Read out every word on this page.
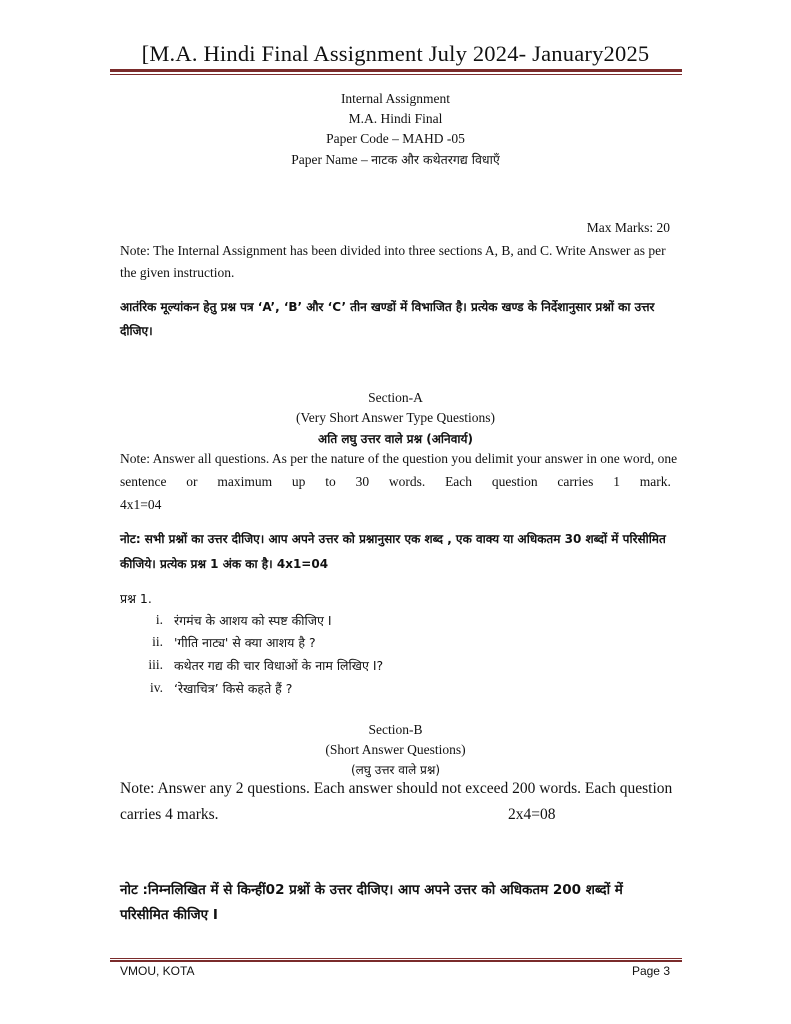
[M.A. Hindi Final Assignment July 2024- January2025
Internal Assignment
M.A. Hindi Final
Paper Code – MAHD -05
Paper Name – नाटक और कथेतरगद्य विधाएँ
Max Marks: 20
Note: The Internal Assignment has been divided into three sections A, B, and C. Write Answer as per
the given instruction.
आतंरिक मूल्यांकन हेतु प्रश्न पत्र ‘A’, ‘B’ और ‘C’ तीन खण्डों में विभाजित है। प्रत्येक खण्ड के निर्देशानुसार प्रश्नों का उत्तर
दीजिए।
Section-A
(Very Short Answer Type Questions)
अति लघु उत्तर वाले प्रश्न (अनिवार्य)
Note: Answer all questions. As per the nature of the question you delimit your answer in one word, one
sentence or maximum up to 30 words. Each question carries 1 mark.
4x1=04
नोट: सभी प्रश्नों का उत्तर दीजिए। आप अपने उत्तर को प्रश्नानुसार एक शब्द , एक वाक्य या अधिकतम 30 शब्दों में परिसीमित
कीजिये। प्रत्येक प्रश्न 1 अंक का है। 4x1=04
प्रश्न 1.
i. रंगमंच के आशय को स्पष्ट कीजिए I
ii. 'गीति नाट्य' से क्या आशय है ?
iii. कथेतर गद्य की चार विधाओं के नाम लिखिए I?
iv. ‘रेखाचित्र’ किसे कहते हैं ?
Section-B
(Short Answer Questions)
(लघु उत्तर वाले प्रश्न)
Note: Answer any 2 questions. Each answer should not exceed 200 words. Each question
carries 4 marks.	2x4=08
नोट :निम्नलिखित में से किन्हीं02 प्रश्नों के उत्तर दीजिए। आप अपने उत्तर को अधिकतम 200 शब्दों में
परिसीमित कीजिए I
VMOU, KOTA	Page 3
